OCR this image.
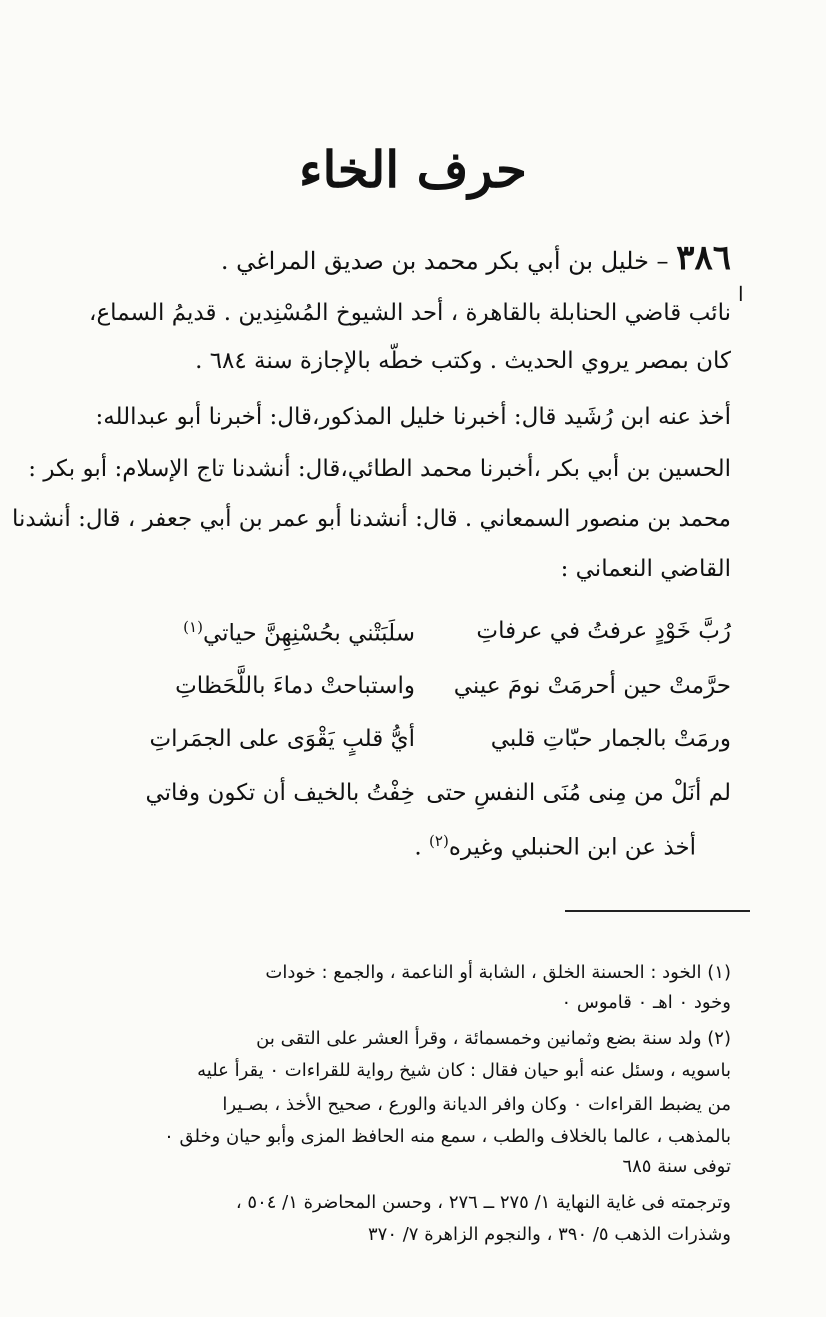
حرف الخاء
ا
٣٨٦ – خليل بن أبي بكر محمد بن صديق المراغي .
نائب قاضي الحنابلة بالقاهرة ، أحد الشيوخ المُسْنِدين . قديمُ السماع،
كان بمصر يروي الحديث . وكتب خطّه بالإجازة سنة ٦٨٤ .
أخذ عنه ابن رُشَيد قال: أخبرنا خليل المذكور،قال: أخبرنا أبو عبدالله:
الحسين بن أبي بكر ،أخبرنا محمد الطائي،قال: أنشدنا تاج الإسلام: أبو بكر :
محمد بن منصور السمعاني . قال: أنشدنا أبو عمر بن أبي جعفر ، قال: أنشدنا
القاضي النعماني :
رُبَّ خَوْدٍ عرفتُ في عرفاتِ
سلَبَتْني بحُسْنِهِنَّ حياتي$^{(١)}$
حرَّمتْ حين أحرمَتْ نومَ عيني
واستباحتْ دماءَ باللَّحَظاتِ
ورمَتْ بالجمار حبّاتِ قلبي
أيُّ قلبٍ يَقْوَى على الجمَراتِ
لم أنَلْ من مِنى مُنَى النفسِ حتى
خِفْتُ بالخيف أن تكون وفاتي
أخذ عن ابن الحنبلي وغيره$^{(٢)}$ .
(١) الخود : الحسنة الخلق ، الشابة أو الناعمة ، والجمع : خودات
وخود ٠ اهـ ٠ قاموس ٠
(٢) ولد سنة بضع وثمانين وخمسمائة ، وقرأ العشر على التقى بن
باسويه ، وسئل عنه أبو حيان فقال : كان شيخ رواية للقراءات ٠ يقرأ عليه
من يضبط القراءات ٠ وكان وافر الديانة والورع ، صحيح الأخذ ، بصـيرا
بالمذهب ، عالما بالخلاف والطب ، سمع منه الحافظ المزى وأبو حيان وخلق ٠
توفى سنة ٦٨٥
وترجمته فى غاية النهاية ١/ ٢٧٥ ــ ٢٧٦ ، وحسن المحاضرة ١/ ٥٠٤ ،
وشذرات الذهب ٥/ ٣٩٠ ، والنجوم الزاهرة ٧/ ٣٧٠
